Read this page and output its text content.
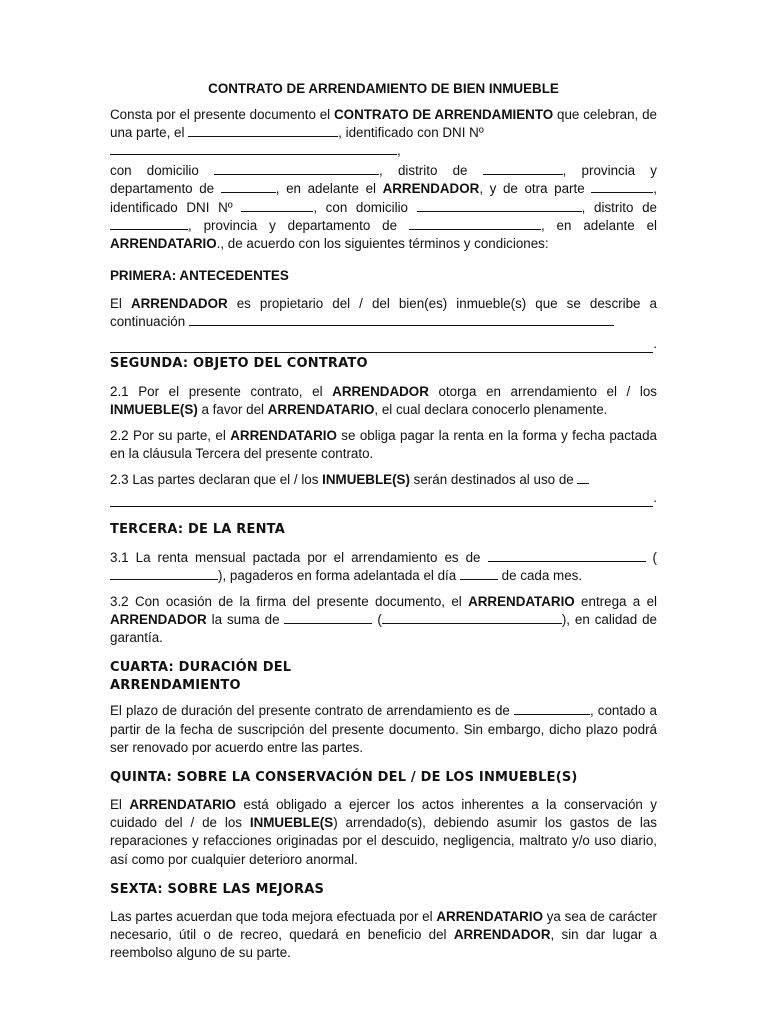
CONTRATO DE ARRENDAMIENTO DE BIEN INMUEBLE

Consta por el presente documento el CONTRATO DE ARRENDAMIENTO que celebran, de una parte, el	, identificado con DNI Nº
,

con domicilio	, distrito de	, provincia y departamento de	, en adelante el ARRENDADOR, y de otra parte	, identificado DNI Nº	, con domicilio	, distrito de , provincia y departamento de	, en adelante el ARRENDATARIO., de acuerdo con los siguientes términos y condiciones:

PRIMERA: ANTECEDENTES

El ARRENDADOR es propietario del / del bien(es) inmueble(s) que se describe a continuación

.
SEGUNDA: OBJETO DEL CONTRATO

2.1 Por el presente contrato, el ARRENDADOR otorga en arrendamiento el / los INMUEBLE(S) a favor del ARRENDATARIO, el cual declara conocerlo plenamente.

2.2 Por su parte, el ARRENDATARIO se obliga pagar la renta en la forma y fecha pactada en la cláusula Tercera del presente contrato.

2.3 Las partes declaran que el / los INMUEBLE(S) serán destinados al uso de

.
TERCERA: DE LA RENTA

3.1 La renta mensual pactada por el arrendamiento es de	(), pagaderos en forma adelantada el día	de cada mes.

3.2 Con ocasión de la firma del presente documento, el ARRENDATARIO entrega a el ARRENDADOR la suma de	(	), en calidad de garantía.

CUARTA: DURACIÓN DEL
ARRENDAMIENTO

El plazo de duración del presente contrato de arrendamiento es de	, contado a partir de la fecha de suscripción del presente documento. Sin embargo, dicho plazo podrá ser renovado por acuerdo entre las partes.

QUINTA: SOBRE LA CONSERVACIÓN DEL / DE LOS INMUEBLE(S)

El ARRENDATARIO está obligado a ejercer los actos inherentes a la conservación y cuidado del / de los INMUEBLE(S) arrendado(s), debiendo asumir los gastos de las reparaciones y refacciones originadas por el descuido, negligencia, maltrato y/o uso diario, así como por cualquier deterioro anormal.

SEXTA: SOBRE LAS MEJORAS

Las partes acuerdan que toda mejora efectuada por el ARRENDATARIO ya sea de carácter necesario, útil o de recreo, quedará en beneficio del ARRENDADOR, sin dar lugar a reembolso alguno de su parte.
